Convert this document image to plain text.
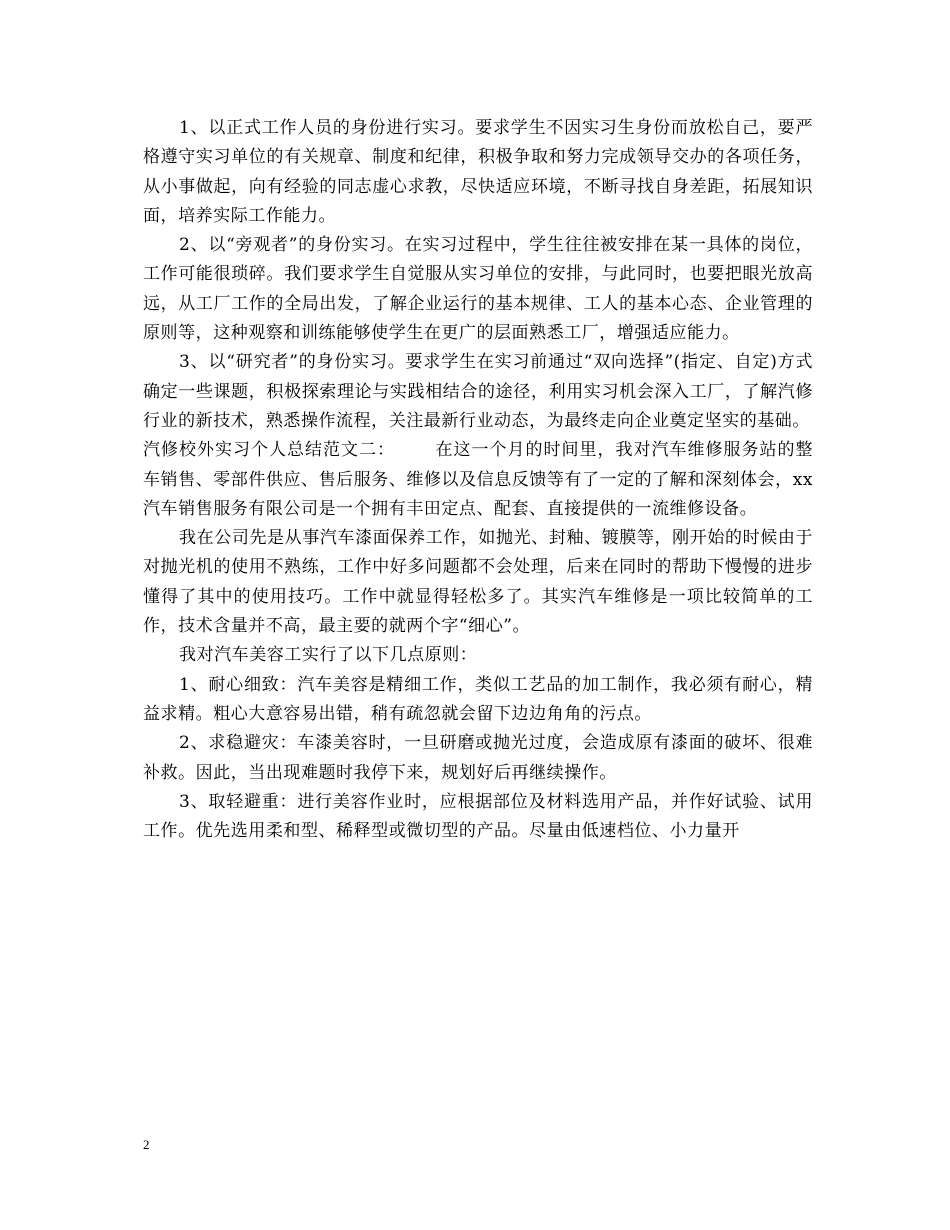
1、以正式工作人员的身份进行实习。要求学生不因实习生身份而放松自己，要严格遵守实习单位的有关规章、制度和纪律，积极争取和努力完成领导交办的各项任务，从小事做起，向有经验的同志虚心求教，尽快适应环境，不断寻找自身差距，拓展知识面，培养实际工作能力。

2、以“旁观者”的身份实习。在实习过程中，学生往往被安排在某一具体的岗位，工作可能很琐碎。我们要求学生自觉服从实习单位的安排，与此同时，也要把眼光放高远，从工厂工作的全局出发，了解企业运行的基本规律、工人的基本心态、企业管理的原则等，这种观察和训练能够使学生在更广的层面熟悉工厂，增强适应能力。

3、以“研究者”的身份实习。要求学生在实习前通过“双向选择”(指定、自定)方式确定一些课题，积极探索理论与实践相结合的途径，利用实习机会深入工厂，了解汽修行业的新技术，熟悉操作流程，关注最新行业动态，为最终走向企业奠定坚实的基础。

汽修校外实习个人总结范文二： 在这一个月的时间里，我对汽车维修服务站的整车销售、零部件供应、售后服务、维修以及信息反馈等有了一定的了解和深刻体会，xx汽车销售服务有限公司是一个拥有丰田定点、配套、直接提供的一流维修设备。

我在公司先是从事汽车漆面保养工作，如抛光、封釉、镀膜等，刚开始的时候由于对抛光机的使用不熟练，工作中好多问题都不会处理，后来在同时的帮助下慢慢的进步懂得了其中的使用技巧。工作中就显得轻松多了。其实汽车维修是一项比较简单的工作，技术含量并不高，最主要的就两个字“细心”。

我对汽车美容工实行了以下几点原则：

1、耐心细致：汽车美容是精细工作，类似工艺品的加工制作，我必须有耐心，精益求精。粗心大意容易出错，稍有疏忽就会留下边边角角的污点。

2、求稳避灾：车漆美容时，一旦研磨或抛光过度，会造成原有漆面的破坏、很难补救。因此，当出现难题时我停下来，规划好后再继续操作。

3、取轻避重：进行美容作业时，应根据部位及材料选用产品，并作好试验、试用工作。优先选用柔和型、稀释型或微切型的产品。尽量由低速档位、小力量开

2
